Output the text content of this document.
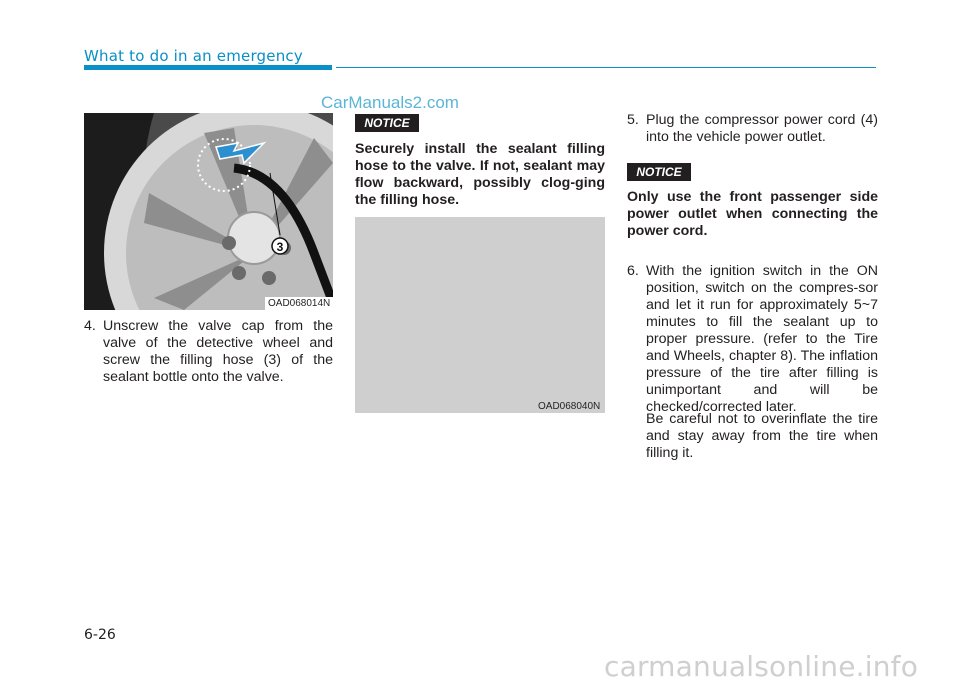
What to do in an emergency
CarManuals2.com
3
OAD068014N
4. Unscrew the valve cap from the valve of the detective wheel and screw the filling hose (3) of the sealant bottle onto the valve.
NOTICE
Securely install the sealant filling hose to the valve. If not, sealant may flow backward, possibly clog-ging the filling hose.
OAD068040N
5. Plug the compressor power cord (4) into the vehicle power outlet.
NOTICE
Only use the front passenger side power outlet when connecting the power cord.
6. With the ignition switch in the ON position, switch on the compres-sor and let it run for approximately 5~7 minutes to fill the sealant up to proper pressure. (refer to the Tire and Wheels, chapter 8). The inflation pressure of the tire after filling is unimportant and will be checked/corrected later.
Be careful not to overinflate the tire and stay away from the tire when filling it.
6-26
carmanualsonline.info
